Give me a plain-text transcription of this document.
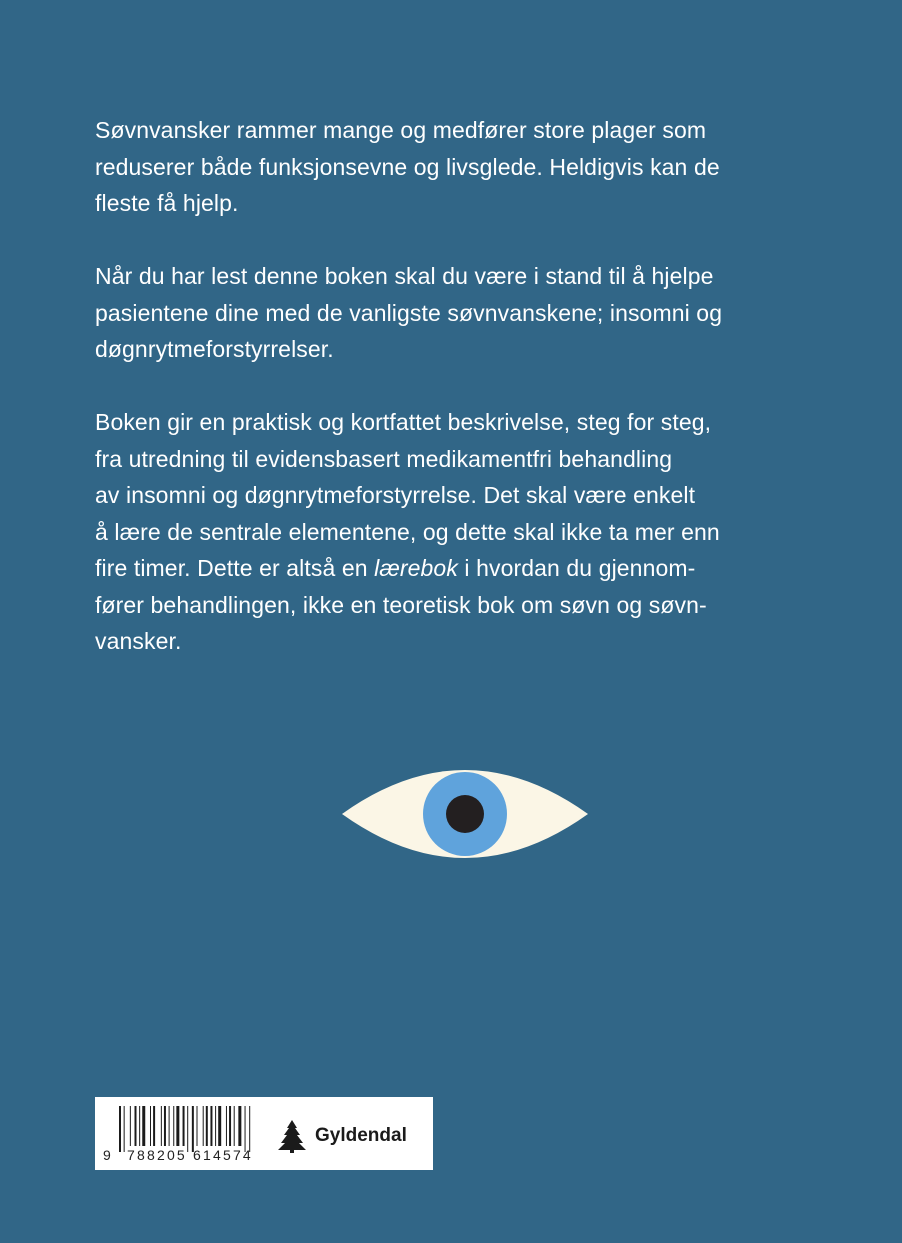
Søvnvansker rammer mange og medfører store plager som
reduserer både funksjonsevne og livsglede. Heldigvis kan de
fleste få hjelp.

Når du har lest denne boken skal du være i stand til å hjelpe
pasientene dine med de vanligste søvnvanskene; insomni og
døgnrytmeforstyrrelser.

Boken gir en praktisk og kortfattet beskrivelse, steg for steg,
fra utredning til evidensbasert medikamentfri behandling
av insomni og døgnrytmeforstyrrelse. Det skal være enkelt
å lære de sentrale elementene, og dette skal ikke ta mer enn
fire timer. Dette er altså en lærebok i hvordan du gjennom-
fører behandlingen, ikke en teoretisk bok om søvn og søvn-
vansker.

9 788205 614574
Gyldendal
